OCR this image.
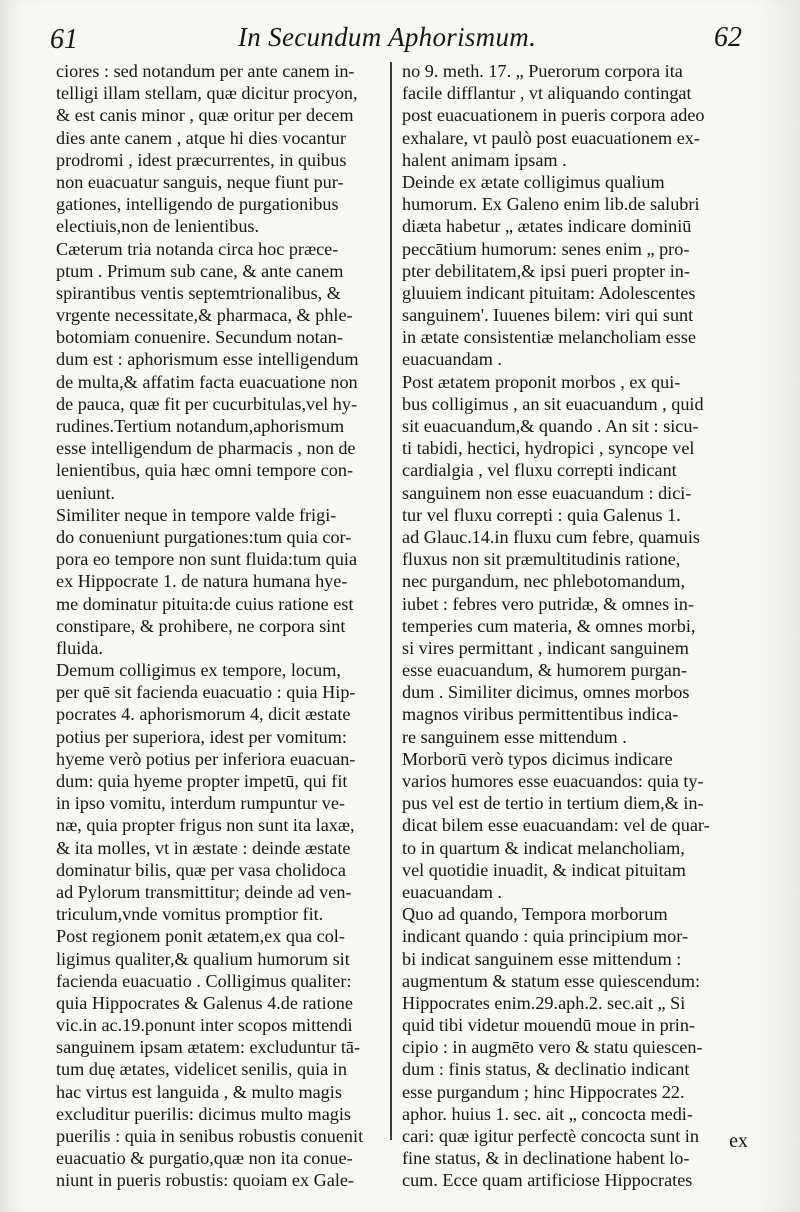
61	In Secundum Aphorismum.	62
ciores : sed notandum per ante canem in-
telligi illam stellam, quæ dicitur procyon,
& est canis minor , quæ oritur per decem
dies ante canem , atque hi dies vocantur
prodromi , idest præcurrentes, in quibus
non euacuatur sanguis, neque fiunt pur-
gationes, intelligendo de purgationibus
electiuis,non de lenientibus.
Cæterum tria notanda circa hoc præce-
ptum . Primum sub cane, & ante canem
spirantibus ventis septemtrionalibus, &
vrgente necessitate,& pharmaca, & phle-
botomiam conuenire. Secundum notan-
dum est : aphorismum esse intelligendum
de multa,& affatim facta euacuatione non
de pauca, quæ fit per cucurbitulas,vel hy-
rudines.Tertium notandum,aphorismum
esse intelligendum de pharmacis , non de
lenientibus, quia hæc omni tempore con-
ueniunt.
Similiter neque in tempore valde frigi-
do conueniunt purgationes:tum quia cor-
pora eo tempore non sunt fluida:tum quia
ex Hippocrate 1. de natura humana hye-
me dominatur pituita:de cuius ratione est
constipare, & prohibere, ne corpora sint
fluida.
Demum colligimus ex tempore, locum,
per quē sit facienda euacuatio : quia Hip-
pocrates 4. aphorismorum 4, dicit æstate
potius per superiora, idest per vomitum:
hyeme verò potius per inferiora euacuan-
dum: quia hyeme propter impetū, qui fit
in ipso vomitu, interdum rumpuntur ve-
næ, quia propter frigus non sunt ita laxæ,
& ita molles, vt in æstate : deinde æstate
dominatur bilis, quæ per vasa cholidoca
ad Pylorum transmittitur; deinde ad ven-
triculum,vnde vomitus promptior fit.
Post regionem ponit ætatem,ex qua col-
ligimus qualiter,& qualium humorum sit
facienda euacuatio . Colligimus qualiter:
quia Hippocrates & Galenus 4.de ratione
vic.in ac.19.ponunt inter scopos mittendi
sanguinem ipsam ætatem: excluduntur tā-
tum duę ætates, videlicet senilis, quia in
hac virtus est languida , & multo magis
excluditur puerilis: dicimus multo magis
puerilis : quia in senibus robustis conuenit
euacuatio & purgatio,quæ non ita conue-
niunt in pueris robustis: quoiam ex Gale-
no 9. meth. 17. „ Puerorum corpora ita
facile difflantur , vt aliquando contingat
post euacuationem in pueris corpora adeo
exhalare, vt paulò post euacuationem ex-
halent animam ipsam .
Deinde ex ætate colligimus qualium
humorum. Ex Galeno enim lib.de salubri
diæta habetur „ ætates indicare dominiū
peccātium humorum: senes enim „ pro-
pter debilitatem,& ipsi pueri propter in-
gluuiem indicant pituitam: Adolescentes
sanguinem'. Iuuenes bilem: viri qui sunt
in ætate consistentiæ melancholiam esse
euacuandam .
Post ætatem proponit morbos , ex qui-
bus colligimus , an sit euacuandum , quid
sit euacuandum,& quando . An sit : sicu-
ti tabidi, hectici, hydropici , syncope vel
cardialgia , vel fluxu correpti indicant
sanguinem non esse euacuandum : dici-
tur vel fluxu correpti : quia Galenus 1.
ad Glauc.14.in fluxu cum febre, quamuis
fluxus non sit præmultitudinis ratione,
nec purgandum, nec phlebotomandum,
iubet : febres vero putridæ, & omnes in-
temperies cum materia, & omnes morbi,
si vires permittant , indicant sanguinem
esse euacuandum, & humorem purgan-
dum . Similiter dicimus, omnes morbos
magnos viribus permittentibus indica-
re sanguinem esse mittendum .
Morborū verò typos dicimus indicare
varios humores esse euacuandos: quia ty-
pus vel est de tertio in tertium diem,& in-
dicat bilem esse euacuandam: vel de quar-
to in quartum & indicat melancholiam,
vel quotidie inuadit, & indicat pituitam
euacuandam .
Quo ad quando, Tempora morborum
indicant quando : quia principium mor-
bi indicat sanguinem esse mittendum :
augmentum & statum esse quiescendum:
Hippocrates enim.29.aph.2. sec.ait „ Si
quid tibi videtur mouendū moue in prin-
cipio : in augmēto vero & statu quiescen-
dum : finis status, & declinatio indicant
esse purgandum ; hinc Hippocrates 22.
aphor. huius 1. sec. ait „ concocta medi-
cari: quæ igitur perfectè concocta sunt in
fine status, & in declinatione habent lo-
cum. Ecce quam artificiose Hippocrates
ex
